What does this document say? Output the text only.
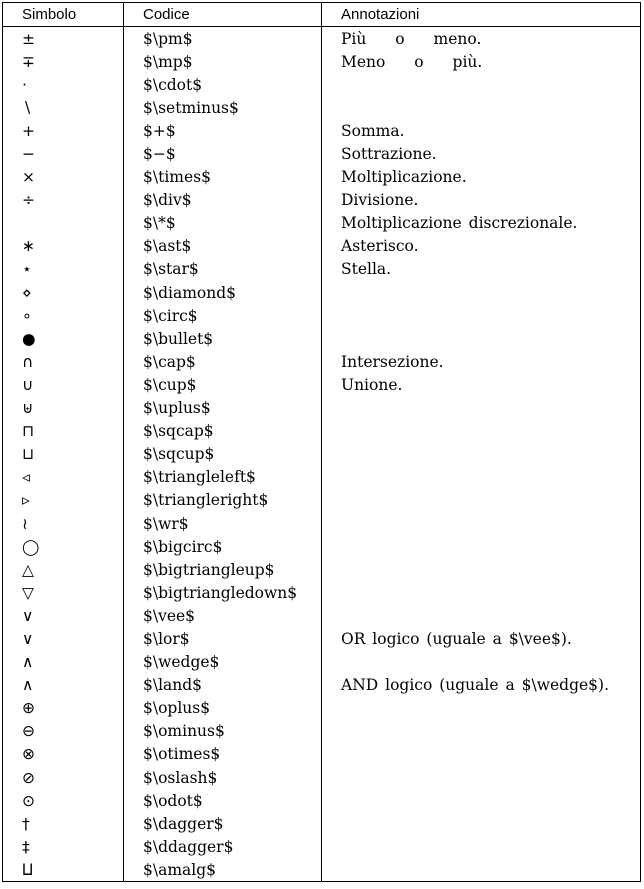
Simbolo	Codice	Annotazioni
±	$\pm$	Più o meno.
∓	$\mp$	Meno o più.
·	$\cdot$	
∖	$\setminus$	
+	$+$	Somma.
−	$−$	Sottrazione.
×	$\times$	Moltiplicazione.
÷	$\div$	Divisione.
	$\*$	Moltiplicazione discrezionale.
∗	$\ast$	Asterisco.
⋆	$\star$	Stella.
⋄	$\diamond$	
∘	$\circ$	
●	$\bullet$	
∩	$\cap$	Intersezione.
∪	$\cup$	Unione.
⊎	$\uplus$	
⊓	$\sqcap$	
⊔	$\sqcup$	
◃	$\triangleleft$	
▹	$\triangleright$	
≀	$\wr$	
◯	$\bigcirc$	
△	$\bigtriangleup$	
▽	$\bigtriangledown$	
∨	$\vee$	
∨	$\lor$	OR logico (uguale a $\vee$).
∧	$\wedge$	
∧	$\land$	AND logico (uguale a $\wedge$).
⊕	$\oplus$	
⊖	$\ominus$	
⊗	$\otimes$	
⊘	$\oslash$	
⊙	$\odot$	
†	$\dagger$	
‡	$\ddagger$	
⨿	$\amalg$	
